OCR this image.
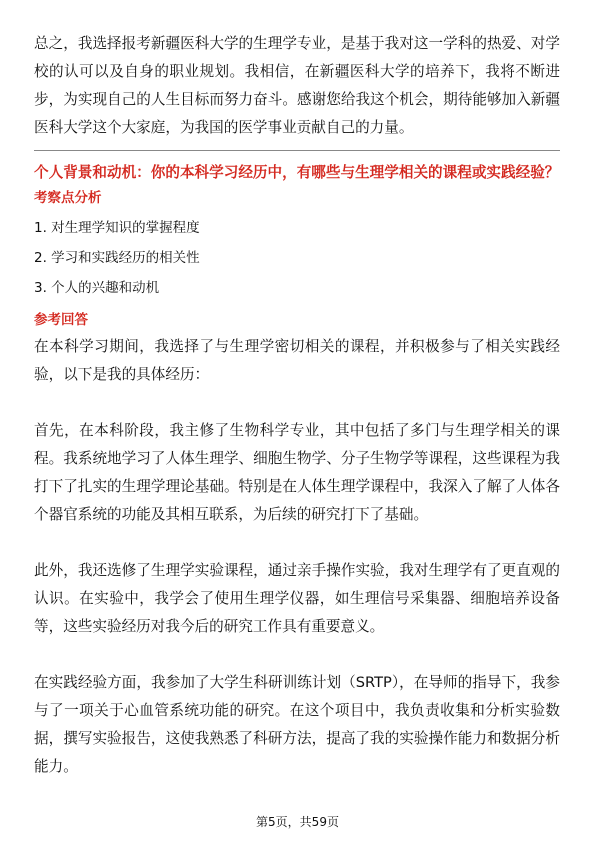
总之，我选择报考新疆医科大学的生理学专业，是基于我对这一学科的热爱、对学校的认可以及自身的职业规划。我相信，在新疆医科大学的培养下，我将不断进步，为实现自己的人生目标而努力奋斗。感谢您给我这个机会，期待能够加入新疆医科大学这个大家庭，为我国的医学事业贡献自己的力量。

个人背景和动机：你的本科学习经历中，有哪些与生理学相关的课程或实践经验？

考察点分析

1. 对生理学知识的掌握程度
2. 学习和实践经历的相关性
3. 个人的兴趣和动机

参考回答

在本科学习期间，我选择了与生理学密切相关的课程，并积极参与了相关实践经验，以下是我的具体经历：

首先，在本科阶段，我主修了生物科学专业，其中包括了多门与生理学相关的课程。我系统地学习了人体生理学、细胞生物学、分子生物学等课程，这些课程为我打下了扎实的生理学理论基础。特别是在人体生理学课程中，我深入了解了人体各个器官系统的功能及其相互联系，为后续的研究打下了基础。

此外，我还选修了生理学实验课程，通过亲手操作实验，我对生理学有了更直观的认识。在实验中，我学会了使用生理学仪器，如生理信号采集器、细胞培养设备等，这些实验经历对我今后的研究工作具有重要意义。

在实践经验方面，我参加了大学生科研训练计划（SRTP），在导师的指导下，我参与了一项关于心血管系统功能的研究。在这个项目中，我负责收集和分析实验数据，撰写实验报告，这使我熟悉了科研方法，提高了我的实验操作能力和数据分析能力。

第5页，共59页
